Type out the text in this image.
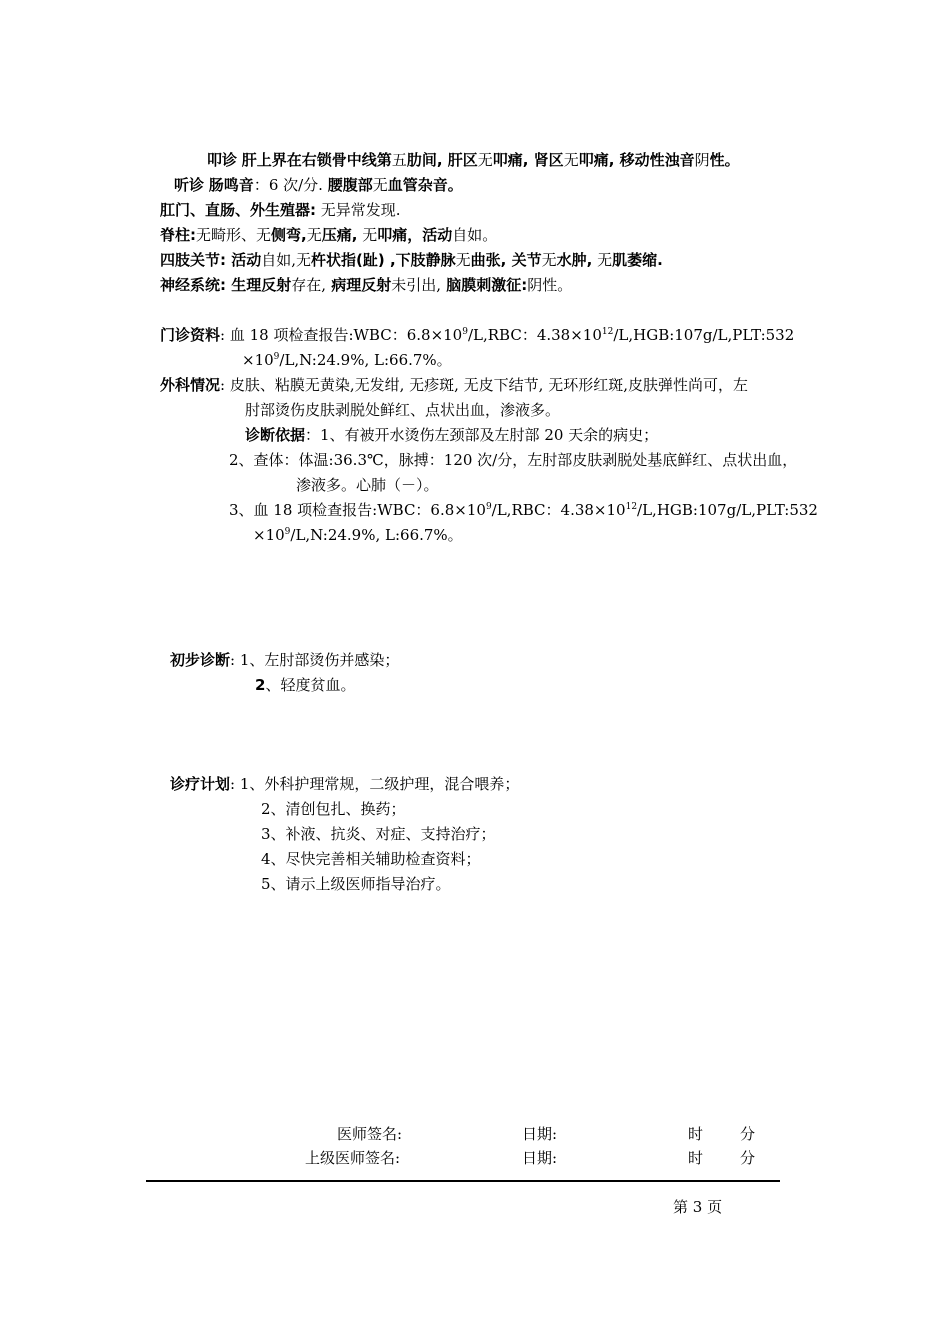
叩诊 肝上界在右锁骨中线第五肋间, 肝区无叩痛, 肾区无叩痛, 移动性浊音阴性。
听诊 肠鸣音：6 次/分. 腰腹部无血管杂音。
肛门、直肠、外生殖器: 无异常发现.
脊柱:无畸形、无侧弯,无压痛, 无叩痛，活动自如。
四肢关节: 活动自如,无杵状指(趾) ,下肢静脉无曲张, 关节无水肿, 无肌萎缩.
神经系统: 生理反射存在, 病理反射未引出, 脑膜刺激征:阴性。
门诊资料: 血 18 项检查报告:WBC：$6.8\times 10^9/L,RBC$：$4.38\times 10^{12}/L,HGB:107g/L,PLT:532$
$\times 10^9/L,N:24.9\%$, L:66.7%。
外科情况: 皮肤、粘膜无黄染,无发绀, 无疹斑, 无皮下结节, 无环形红斑,皮肤弹性尚可，左
肘部烫伤皮肤剥脱处鲜红、点状出血，渗液多。
诊断依据：1、有被开水烫伤左颈部及左肘部 20 天余的病史；
2、查体：体温:36.3℃，脉搏：120 次/分，左肘部皮肤剥脱处基底鲜红、点状出血，
渗液多。心肺（－）。
3、血 18 项检查报告:WBC：$6.8\times 10^9/L,RBC$：$4.38\times 10^{12}/L,HGB:107g/L,PLT:532$
$\times 10^9/L,N:24.9\%$, L:66.7%。
初步诊断: 1、左肘部烫伤并感染；
2、轻度贫血。
诊疗计划: 1、外科护理常规，二级护理，混合喂养；
2、清创包扎、换药；
3、补液、抗炎、对症、支持治疗；
4、尽快完善相关辅助检查资料；
5、请示上级医师指导治疗。
医师签名:	日期:	时 分
上级医师签名:	日期:	时 分
第 3 页
